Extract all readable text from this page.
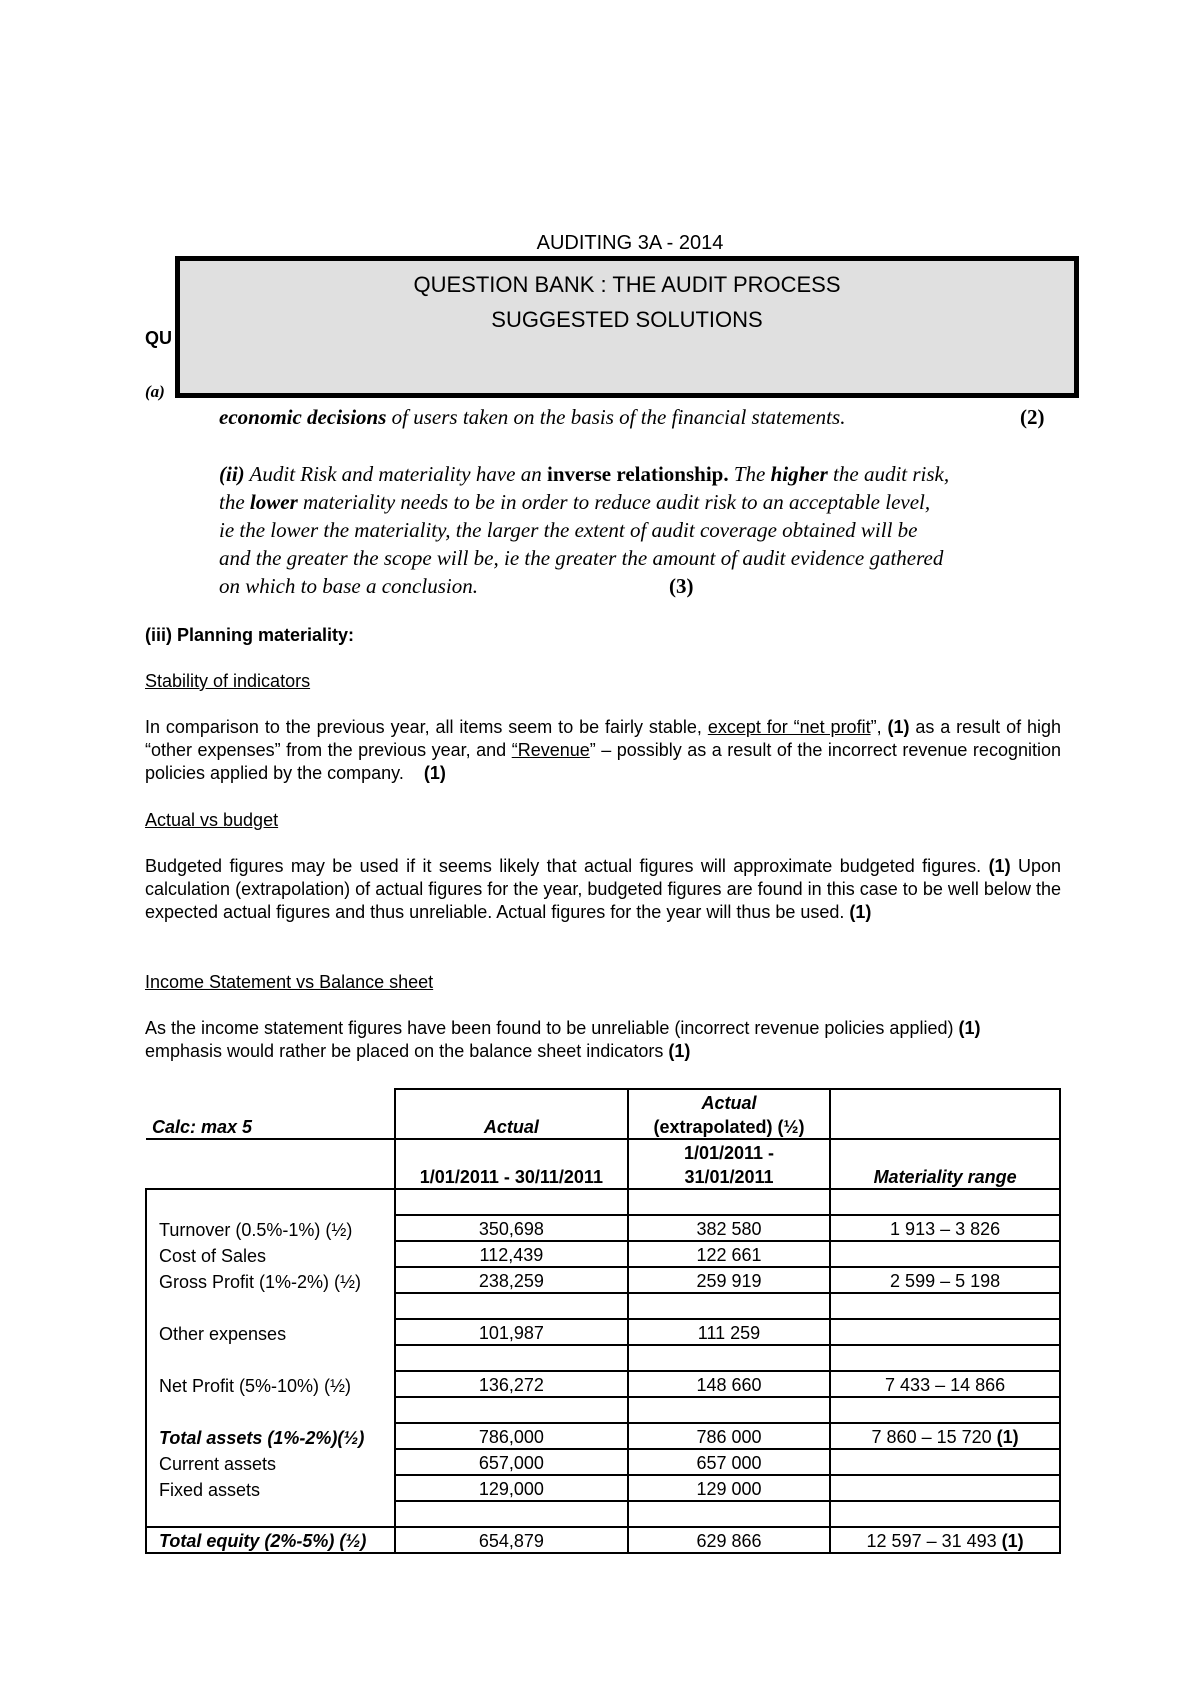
AUDITING 3A - 2014
QU
(a)
QUESTION BANK : THE AUDIT PROCESS
SUGGESTED SOLUTIONS
economic decisions of users taken on the basis of the financial statements.	(2)
(ii) Audit Risk and materiality have an inverse relationship. The higher the audit risk,
the lower materiality needs to be in order to reduce audit risk to an acceptable level,
ie the lower the materiality, the larger the extent of audit coverage obtained will be
and the greater the scope will be, ie the greater the amount of audit evidence gathered
on which to base a conclusion.	(3)
(iii) Planning materiality:
Stability of indicators
In comparison to the previous year, all items seem to be fairly stable, except for “net profit”, (1) as a result of high “other expenses” from the previous year, and “Revenue” – possibly as a result of the incorrect revenue recognition policies applied by the company. (1)
Actual vs budget
Budgeted figures may be used if it seems likely that actual figures will approximate budgeted figures. (1) Upon calculation (extrapolation) of actual figures for the year, budgeted figures are found in this case to be well below the expected actual figures and thus unreliable. Actual figures for the year will thus be used. (1)
Income Statement vs Balance sheet
As the income statement figures have been found to be unreliable (incorrect revenue policies applied) (1) emphasis would rather be placed on the balance sheet indicators (1)
Calc: max 5	Actual	Actual	
		(extrapolated) (½)	
	1/01/2011 - 30/11/2011	1/01/2011 -	Materiality range
		31/01/2011	

Turnover (0.5%-1%) (½)	350,698	382 580	1 913 – 3 826
Cost of Sales	112,439	122 661	
Gross Profit (1%-2%) (½)	238,259	259 919	2 599 – 5 198

Other expenses	101,987	111 259	

Net Profit (5%-10%) (½)	136,272	148 660	7 433 – 14 866

Total assets (1%-2%)(½)	786,000	786 000	7 860 – 15 720 (1)
Current assets	657,000	657 000	
Fixed assets	129,000	129 000	

Total equity (2%-5%) (½)	654,879	629 866	12 597 – 31 493 (1)
